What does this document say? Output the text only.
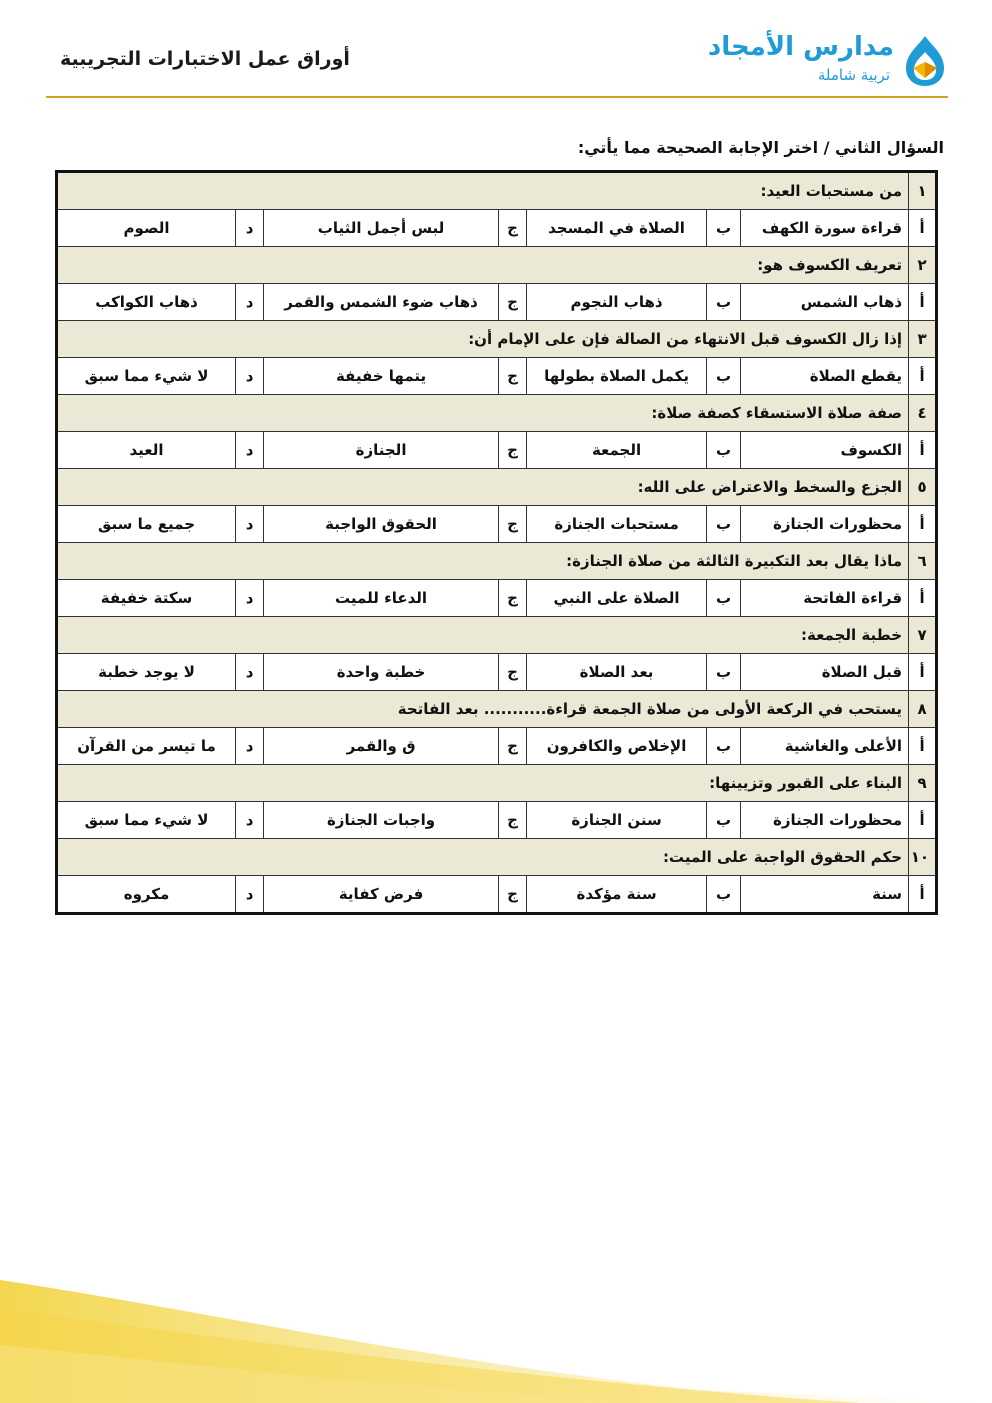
أوراق عمل الاختبارات التجريبية	مدارس الأمجاد
تربية شاملة
السؤال الثاني / اختر الإجابة الصحيحة مما يأتي:
١	من مستحبات العيد:						
أ	قراءة سورة الكهف	ب	الصلاة في المسجد	ج	لبس أجمل الثياب	د	الصوم
٢	تعريف الكسوف هو:						
أ	ذهاب الشمس	ب	ذهاب النجوم	ج	ذهاب ضوء الشمس والقمر	د	ذهاب الكواكب
٣	إذا زال الكسوف قبل الانتهاء من الصالة فإن على الإمام أن:						
أ	يقطع الصلاة	ب	يكمل الصلاة بطولها	ج	يتمها خفيفة	د	لا شيء مما سبق
٤	صفة صلاة الاستسقاء كصفة صلاة:						
أ	الكسوف	ب	الجمعة	ج	الجنازة	د	العيد
٥	الجزع والسخط والاعتراض على الله:						
أ	محظورات الجنازة	ب	مستحبات الجنازة	ج	الحقوق الواجبة	د	جميع ما سبق
٦	ماذا يقال بعد التكبيرة الثالثة من صلاة الجنازة:						
أ	قراءة الفاتحة	ب	الصلاة على النبي	ج	الدعاء للميت	د	سكتة خفيفة
٧	خطبة الجمعة:						
أ	قبل الصلاة	ب	بعد الصلاة	ج	خطبة واحدة	د	لا يوجد خطبة
٨	يستحب في الركعة الأولى من صلاة الجمعة قراءة........... بعد الفاتحة						
أ	الأعلى والغاشية	ب	الإخلاص والكافرون	ج	ق والقمر	د	ما تيسر من القرآن
٩	البناء على القبور وتزيينها:						
أ	محظورات الجنازة	ب	سنن الجنازة	ج	واجبات الجنازة	د	لا شيء مما سبق
١٠	حكم الحقوق الواجبة على الميت:						
أ	سنة	ب	سنة مؤكدة	ج	فرض كفاية	د	مكروه
